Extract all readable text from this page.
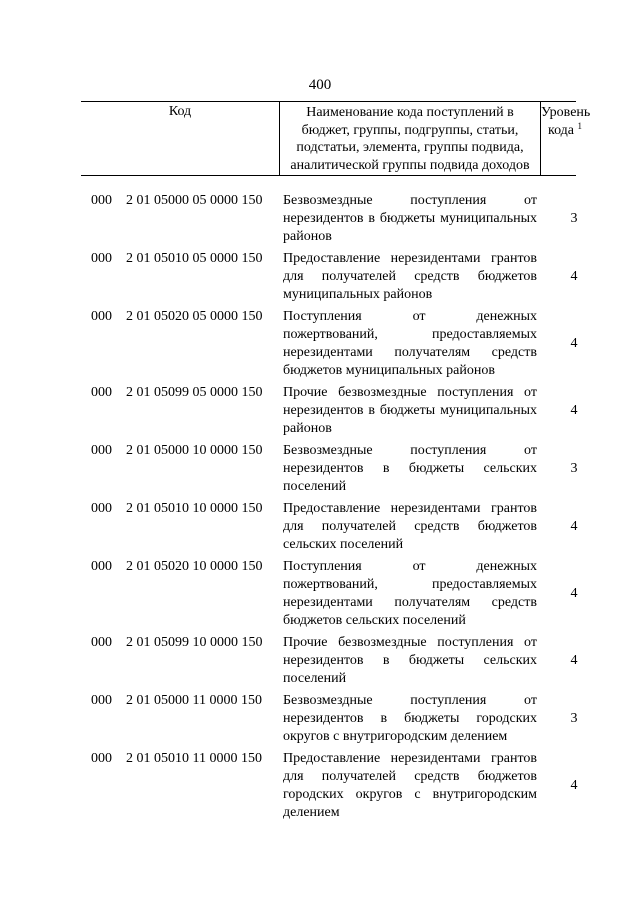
400
Код	Наименование кода поступлений в
бюджет, группы, подгруппы, статьи,
подстатьи, элемента, группы подвида,
аналитической группы подвида доходов
Уровень
кода $^1$
000 2 01 05000 05 0000 150 Безвозмездные поступления от нерезидентов в бюджеты муниципальных районов
3
000 2 01 05010 05 0000 150 Предоставление нерезидентами грантов для получателей средств бюджетов муниципальных районов
4
000 2 01 05020 05 0000 150 Поступления от денежных пожертвований, предоставляемых нерезидентами получателям средств бюджетов муниципальных районов
4
000 2 01 05099 05 0000 150 Прочие безвозмездные поступления от нерезидентов в бюджеты муниципальных районов
4
000 2 01 05000 10 0000 150 Безвозмездные поступления от нерезидентов в бюджеты сельских поселений
3
000 2 01 05010 10 0000 150 Предоставление нерезидентами грантов для получателей средств бюджетов сельских поселений
4
000 2 01 05020 10 0000 150 Поступления от денежных пожертвований, предоставляемых нерезидентами получателям средств бюджетов сельских поселений
4
000 2 01 05099 10 0000 150 Прочие безвозмездные поступления от нерезидентов в бюджеты сельских поселений
4
000 2 01 05000 11 0000 150 Безвозмездные поступления от нерезидентов в бюджеты городских округов с внутригородским делением
3
000 2 01 05010 11 0000 150 Предоставление нерезидентами грантов для получателей средств бюджетов городских округов с внутригородским делением
4
